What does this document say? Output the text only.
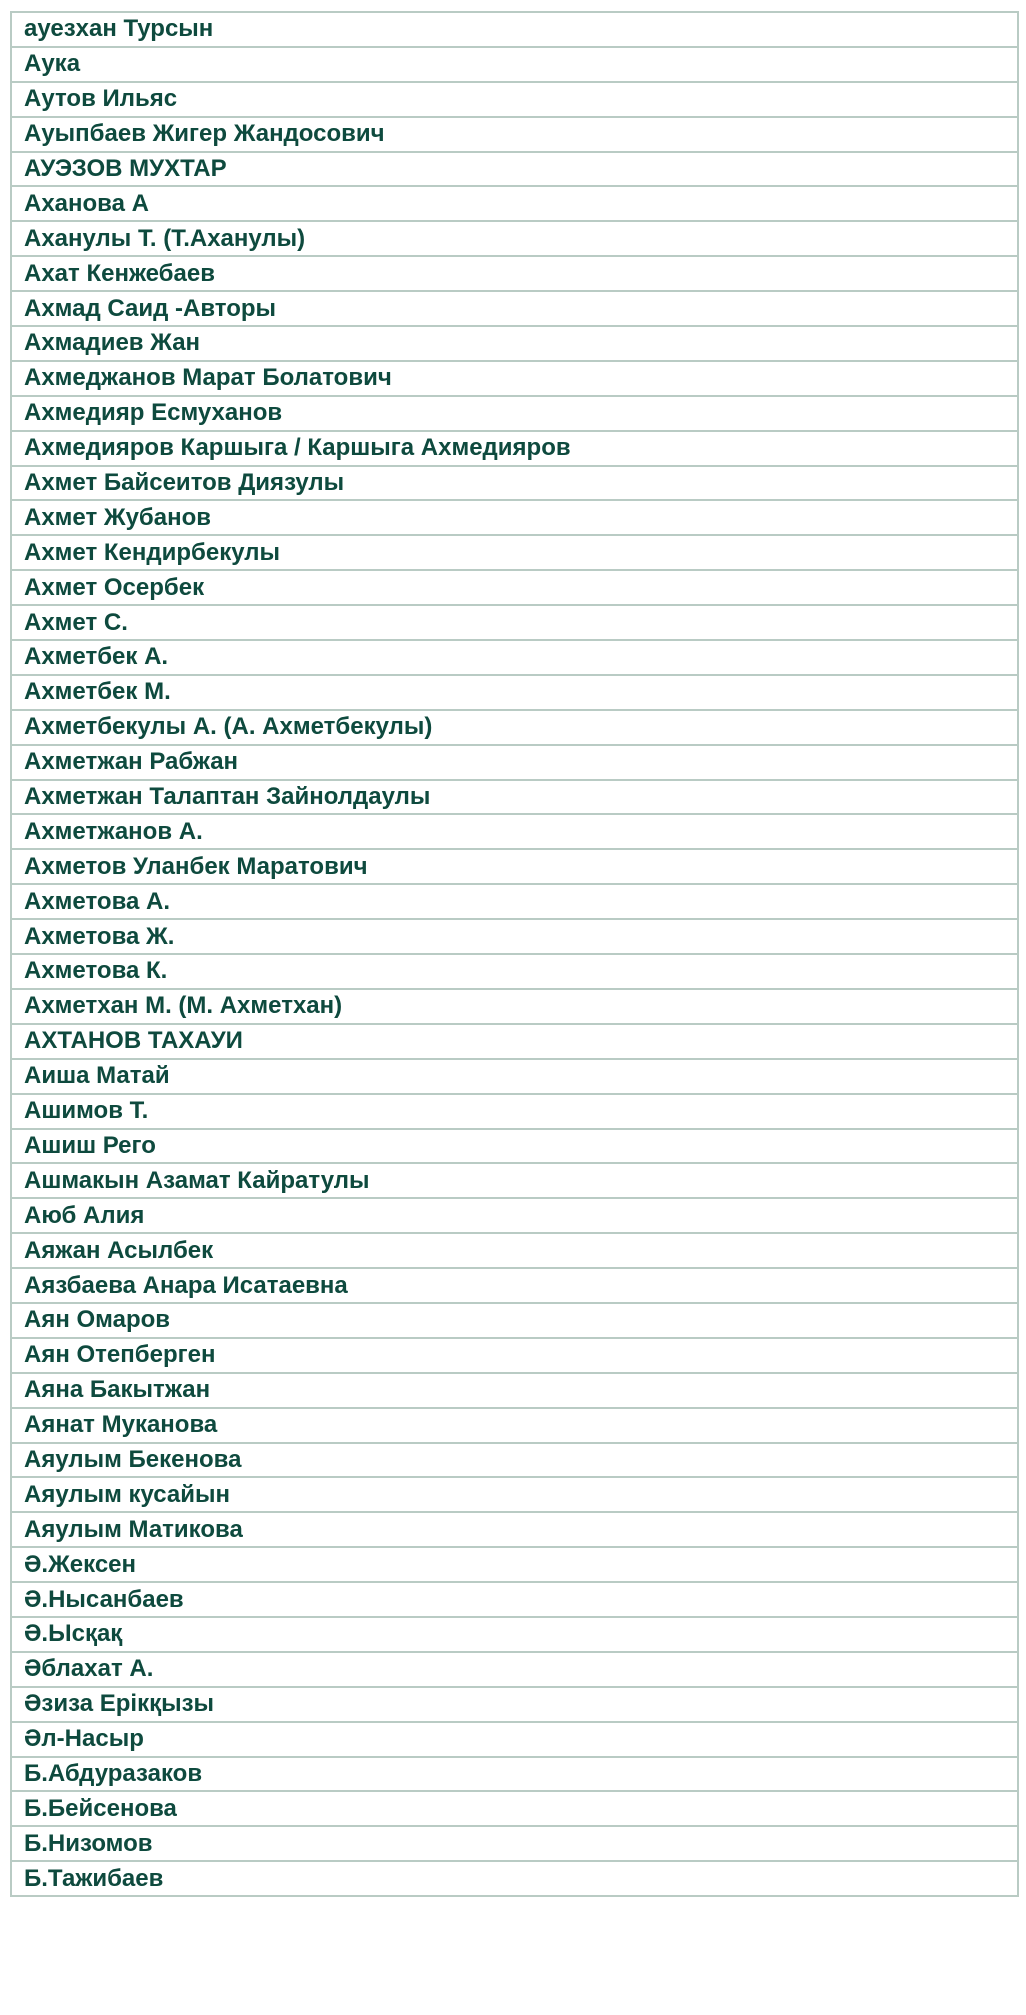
ауезхан Турсын
Аука
Аутов Ильяс
Ауыпбаев Жигер Жандосович
АУЭЗОВ МУХТАР
Аханова А
Аханулы Т. (Т.Аханулы)
Ахат Кенжебаев
Ахмад Саид -Авторы
Ахмадиев Жан
Ахмеджанов Марат Болатович
Ахмедияр Есмуханов
Ахмедияров Каршыга / Каршыга Ахмедияров
Ахмет Байсеитов Диязулы
Ахмет Жубанов
Ахмет Кендирбекулы
Ахмет Осербек
Ахмет С.
Ахметбек А.
Ахметбек М.
Ахметбекулы А. (А. Ахметбекулы)
Ахметжан Рабжан
Ахметжан Талаптан Зайнолдаулы
Ахметжанов А.
Ахметов Уланбек Маратович
Ахметова А.
Ахметова Ж.
Ахметова К.
Ахметхан М. (М. Ахметхан)
АХТАНОВ ТАХАУИ
Аиша Матай
Ашимов Т.
Ашиш Рего
Ашмакын Азамат Кайратулы
Аюб Алия
Аяжан Асылбек
Аязбаева Анара Исатаевна
Аян Омаров
Аян Отепберген
Аяна Бакытжан
Аянат Муканова
Аяулым Бекенова
Аяулым кусайын
Аяулым Матикова
Ә.Жексен
Ә.Нысанбаев
Ә.Ысқақ
Әблахат А.
Әзиза Ерікқызы
Әл-Насыр
Б.Абдуразаков
Б.Бейсенова
Б.Низомов
Б.Тажибаев
